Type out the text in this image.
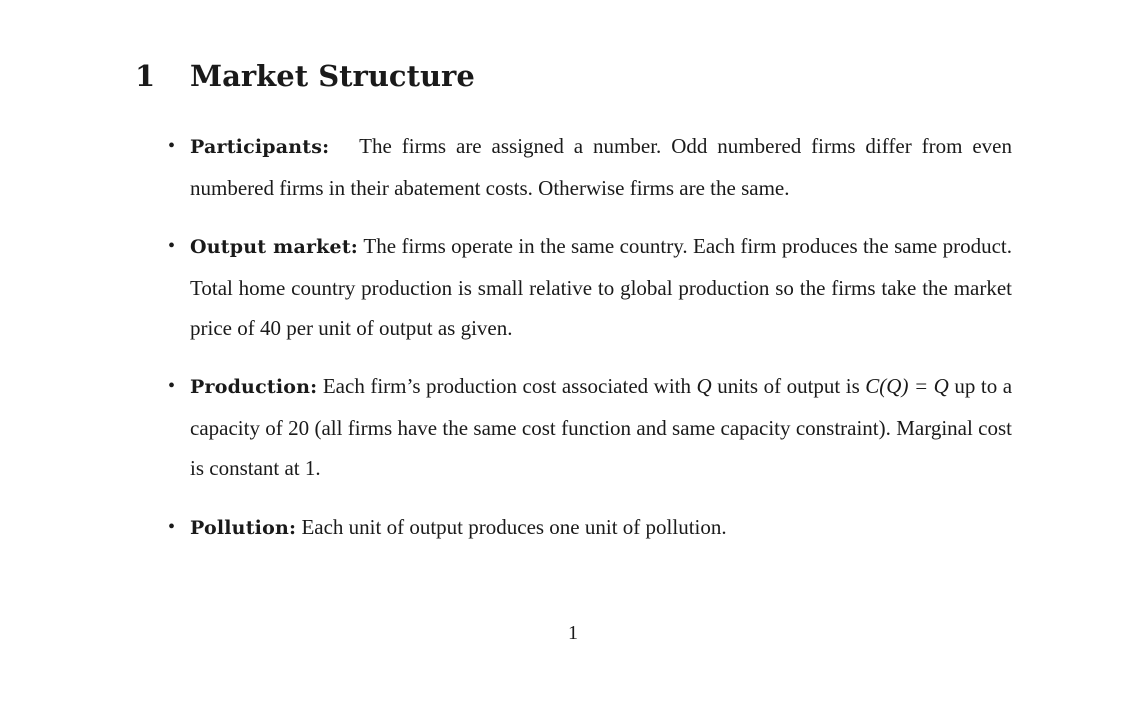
1 Market Structure

• Participants: The firms are assigned a number. Odd numbered firms differ from even numbered firms in their abatement costs. Otherwise firms are the same.

• Output market: The firms operate in the same country. Each firm produces the same product. Total home country production is small relative to global production so the firms take the market price of 40 per unit of output as given.

• Production: Each firm’s production cost associated with Q units of output is C(Q) = Q up to a capacity of 20 (all firms have the same cost function and same capacity constraint). Marginal cost is constant at 1.

• Pollution: Each unit of output produces one unit of pollution.

1
